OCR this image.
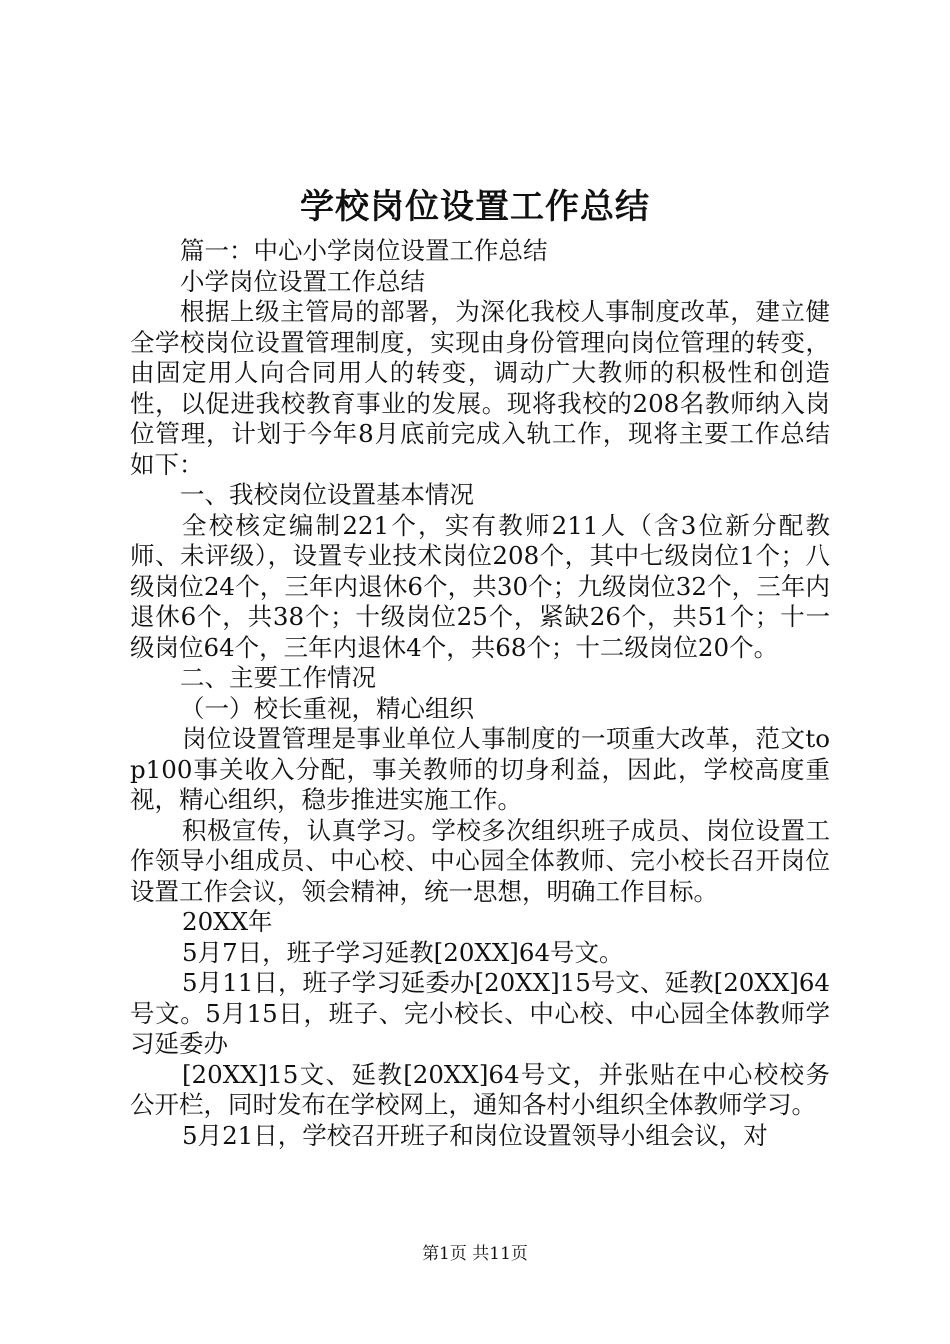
学校岗位设置工作总结

篇一：中心小学岗位设置工作总结

小学岗位设置工作总结

根据上级主管局的部署，为深化我校人事制度改革，建立健全学校岗位设置管理制度，实现由身份管理向岗位管理的转变，由固定用人向合同用人的转变，调动广大教师的积极性和创造性，以促进我校教育事业的发展。现将我校的208名教师纳入岗位管理，计划于今年8月底前完成入轨工作，现将主要工作总结如下：

一、我校岗位设置基本情况

全校核定编制221个，实有教师211人（含3位新分配教师、未评级），设置专业技术岗位208个，其中七级岗位1个；八级岗位24个，三年内退休6个，共30个；九级岗位32个，三年内退休6个，共38个；十级岗位25个，紧缺26个，共51个；十一级岗位64个，三年内退休4个，共68个；十二级岗位20个。

二、主要工作情况

（一）校长重视，精心组织

岗位设置管理是事业单位人事制度的一项重大改革，范文top100事关收入分配，事关教师的切身利益，因此，学校高度重视，精心组织，稳步推进实施工作。

积极宣传，认真学习。学校多次组织班子成员、岗位设置工作领导小组成员、中心校、中心园全体教师、完小校长召开岗位设置工作会议，领会精神，统一思想，明确工作目标。

20XX年

5月7日，班子学习延教[20XX]64号文。

5月11日，班子学习延委办[20XX]15号文、延教[20XX]64号文。5月15日，班子、完小校长、中心校、中心园全体教师学习延委办

[20XX]15文、延教[20XX]64号文，并张贴在中心校校务公开栏，同时发布在学校网上，通知各村小组织全体教师学习。

5月21日，学校召开班子和岗位设置领导小组会议，对

第1页 共11页
